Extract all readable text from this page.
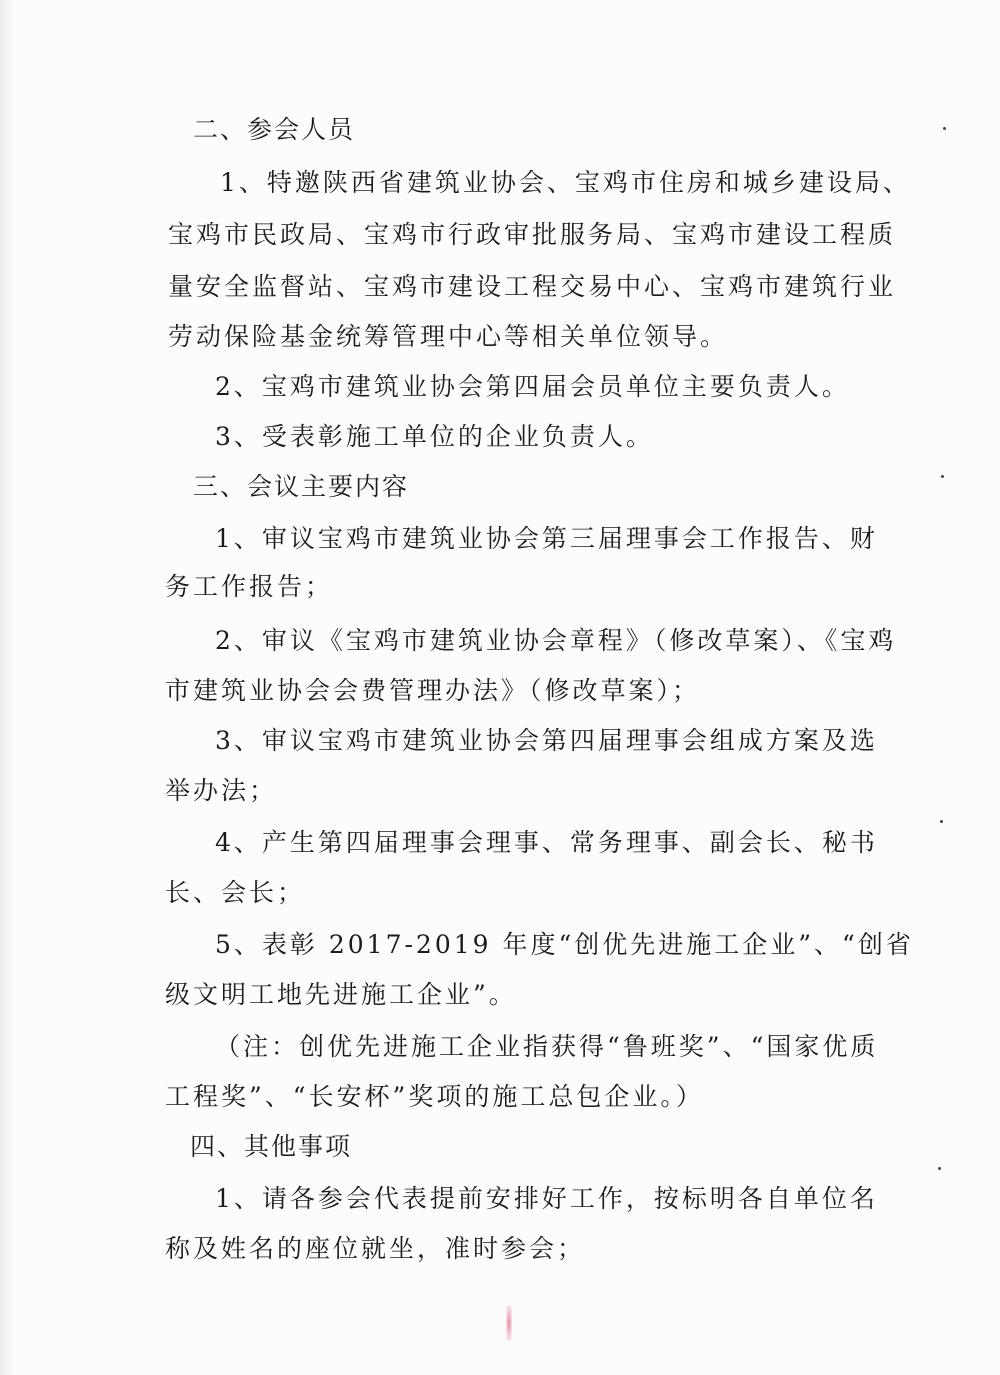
二、参会人员
1、特邀陕西省建筑业协会、宝鸡市住房和城乡建设局、
宝鸡市民政局、宝鸡市行政审批服务局、宝鸡市建设工程质
量安全监督站、宝鸡市建设工程交易中心、宝鸡市建筑行业
劳动保险基金统筹管理中心等相关单位领导。
2、宝鸡市建筑业协会第四届会员单位主要负责人。
3、受表彰施工单位的企业负责人。
三、会议主要内容
1、审议宝鸡市建筑业协会第三届理事会工作报告、财
务工作报告；
2、审议《宝鸡市建筑业协会章程》（修改草案）、《宝鸡
市建筑业协会会费管理办法》（修改草案）；
3、审议宝鸡市建筑业协会第四届理事会组成方案及选
举办法；
4、产生第四届理事会理事、常务理事、副会长、秘书
长、会长；
5、表彰 2017-2019 年度“创优先进施工企业”、“创省
级文明工地先进施工企业”。
（注：创优先进施工企业指获得“鲁班奖”、“国家优质
工程奖”、“长安杯”奖项的施工总包企业。）
四、其他事项
1、请各参会代表提前安排好工作，按标明各自单位名
称及姓名的座位就坐，准时参会；
